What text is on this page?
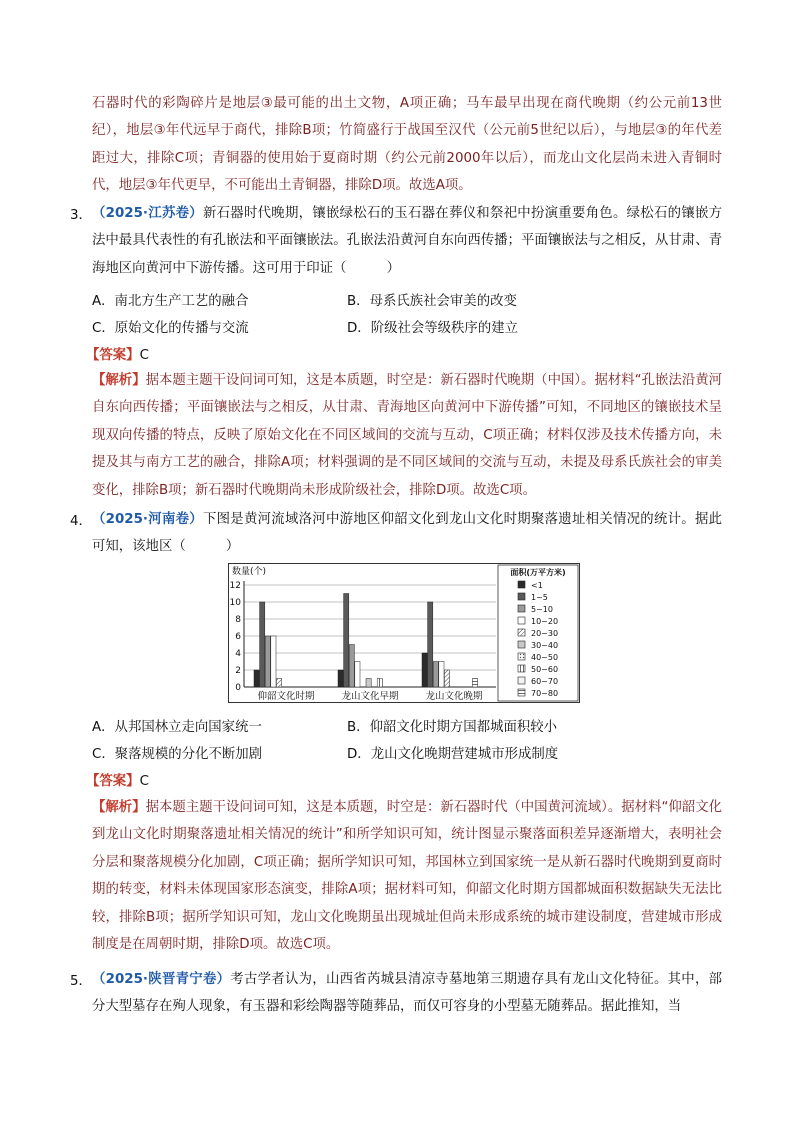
石器时代的彩陶碎片是地层③最可能的出土文物，A项正确；马车最早出现在商代晚期（约公元前13世纪），地层③年代远早于商代，排除B项；竹简盛行于战国至汉代（公元前5世纪以后），与地层③的年代差距过大，排除C项；青铜器的使用始于夏商时期（约公元前2000年以后），而龙山文化层尚未进入青铜时代，地层③年代更早，不可能出土青铜器，排除D项。故选A项。

3． （2025·江苏卷）新石器时代晚期，镶嵌绿松石的玉石器在葬仪和祭祀中扮演重要角色。绿松石的镶嵌方法中最具代表性的有孔嵌法和平面镶嵌法。孔嵌法沿黄河自东向西传播；平面镶嵌法与之相反，从甘肃、青海地区向黄河中下游传播。这可用于印证（　　　）

A．南北方生产工艺的融合	B．母系氏族社会审美的改变
C．原始文化的传播与交流	D．阶级社会等级秩序的建立
【答案】C

【解析】据本题主题干设问词可知，这是本质题，时空是：新石器时代晚期（中国）。据材料“孔嵌法沿黄河自东向西传播；平面镶嵌法与之相反，从甘肃、青海地区向黄河中下游传播”可知，不同地区的镶嵌技术呈现双向传播的特点，反映了原始文化在不同区域间的交流与互动，C项正确；材料仅涉及技术传播方向，未提及其与南方工艺的融合，排除A项；材料强调的是不同区域间的交流与互动，未提及母系氏族社会的审美变化，排除B项；新石器时代晚期尚未形成阶级社会，排除D项。故选C项。

4． （2025·河南卷）下图是黄河流域洛河中游地区仰韶文化到龙山文化时期聚落遗址相关情况的统计。据此可知，该地区（　　　）

数量(个)
0
2
4
6
8
10
12
仰韶文化时期	龙山文化早期	龙山文化晚期
面积(万平方米)
<1
1~5
5~10
10~20
20~30
30~40
40~50
50~60
60~70
70~80
A．从邦国林立走向国家统一	B．仰韶文化时期方国都城面积较小
C．聚落规模的分化不断加剧	D．龙山文化晚期营建城市形成制度
【答案】C

【解析】据本题主题干设问词可知，这是本质题，时空是：新石器时代（中国黄河流域）。据材料“仰韶文化到龙山文化时期聚落遗址相关情况的统计”和所学知识可知，统计图显示聚落面积差异逐渐增大，表明社会分层和聚落规模分化加剧，C项正确；据所学知识可知，邦国林立到国家统一是从新石器时代晚期到夏商时期的转变，材料未体现国家形态演变，排除A项；据材料可知，仰韶文化时期方国都城面积数据缺失无法比较，排除B项；据所学知识可知，龙山文化晚期虽出现城址但尚未形成系统的城市建设制度，营建城市形成制度是在周朝时期，排除D项。故选C项。

5． （2025·陕晋青宁卷）考古学者认为，山西省芮城县清凉寺墓地第三期遗存具有龙山文化特征。其中，部分大型墓存在殉人现象，有玉器和彩绘陶器等随葬品，而仅可容身的小型墓无随葬品。据此推知，当
